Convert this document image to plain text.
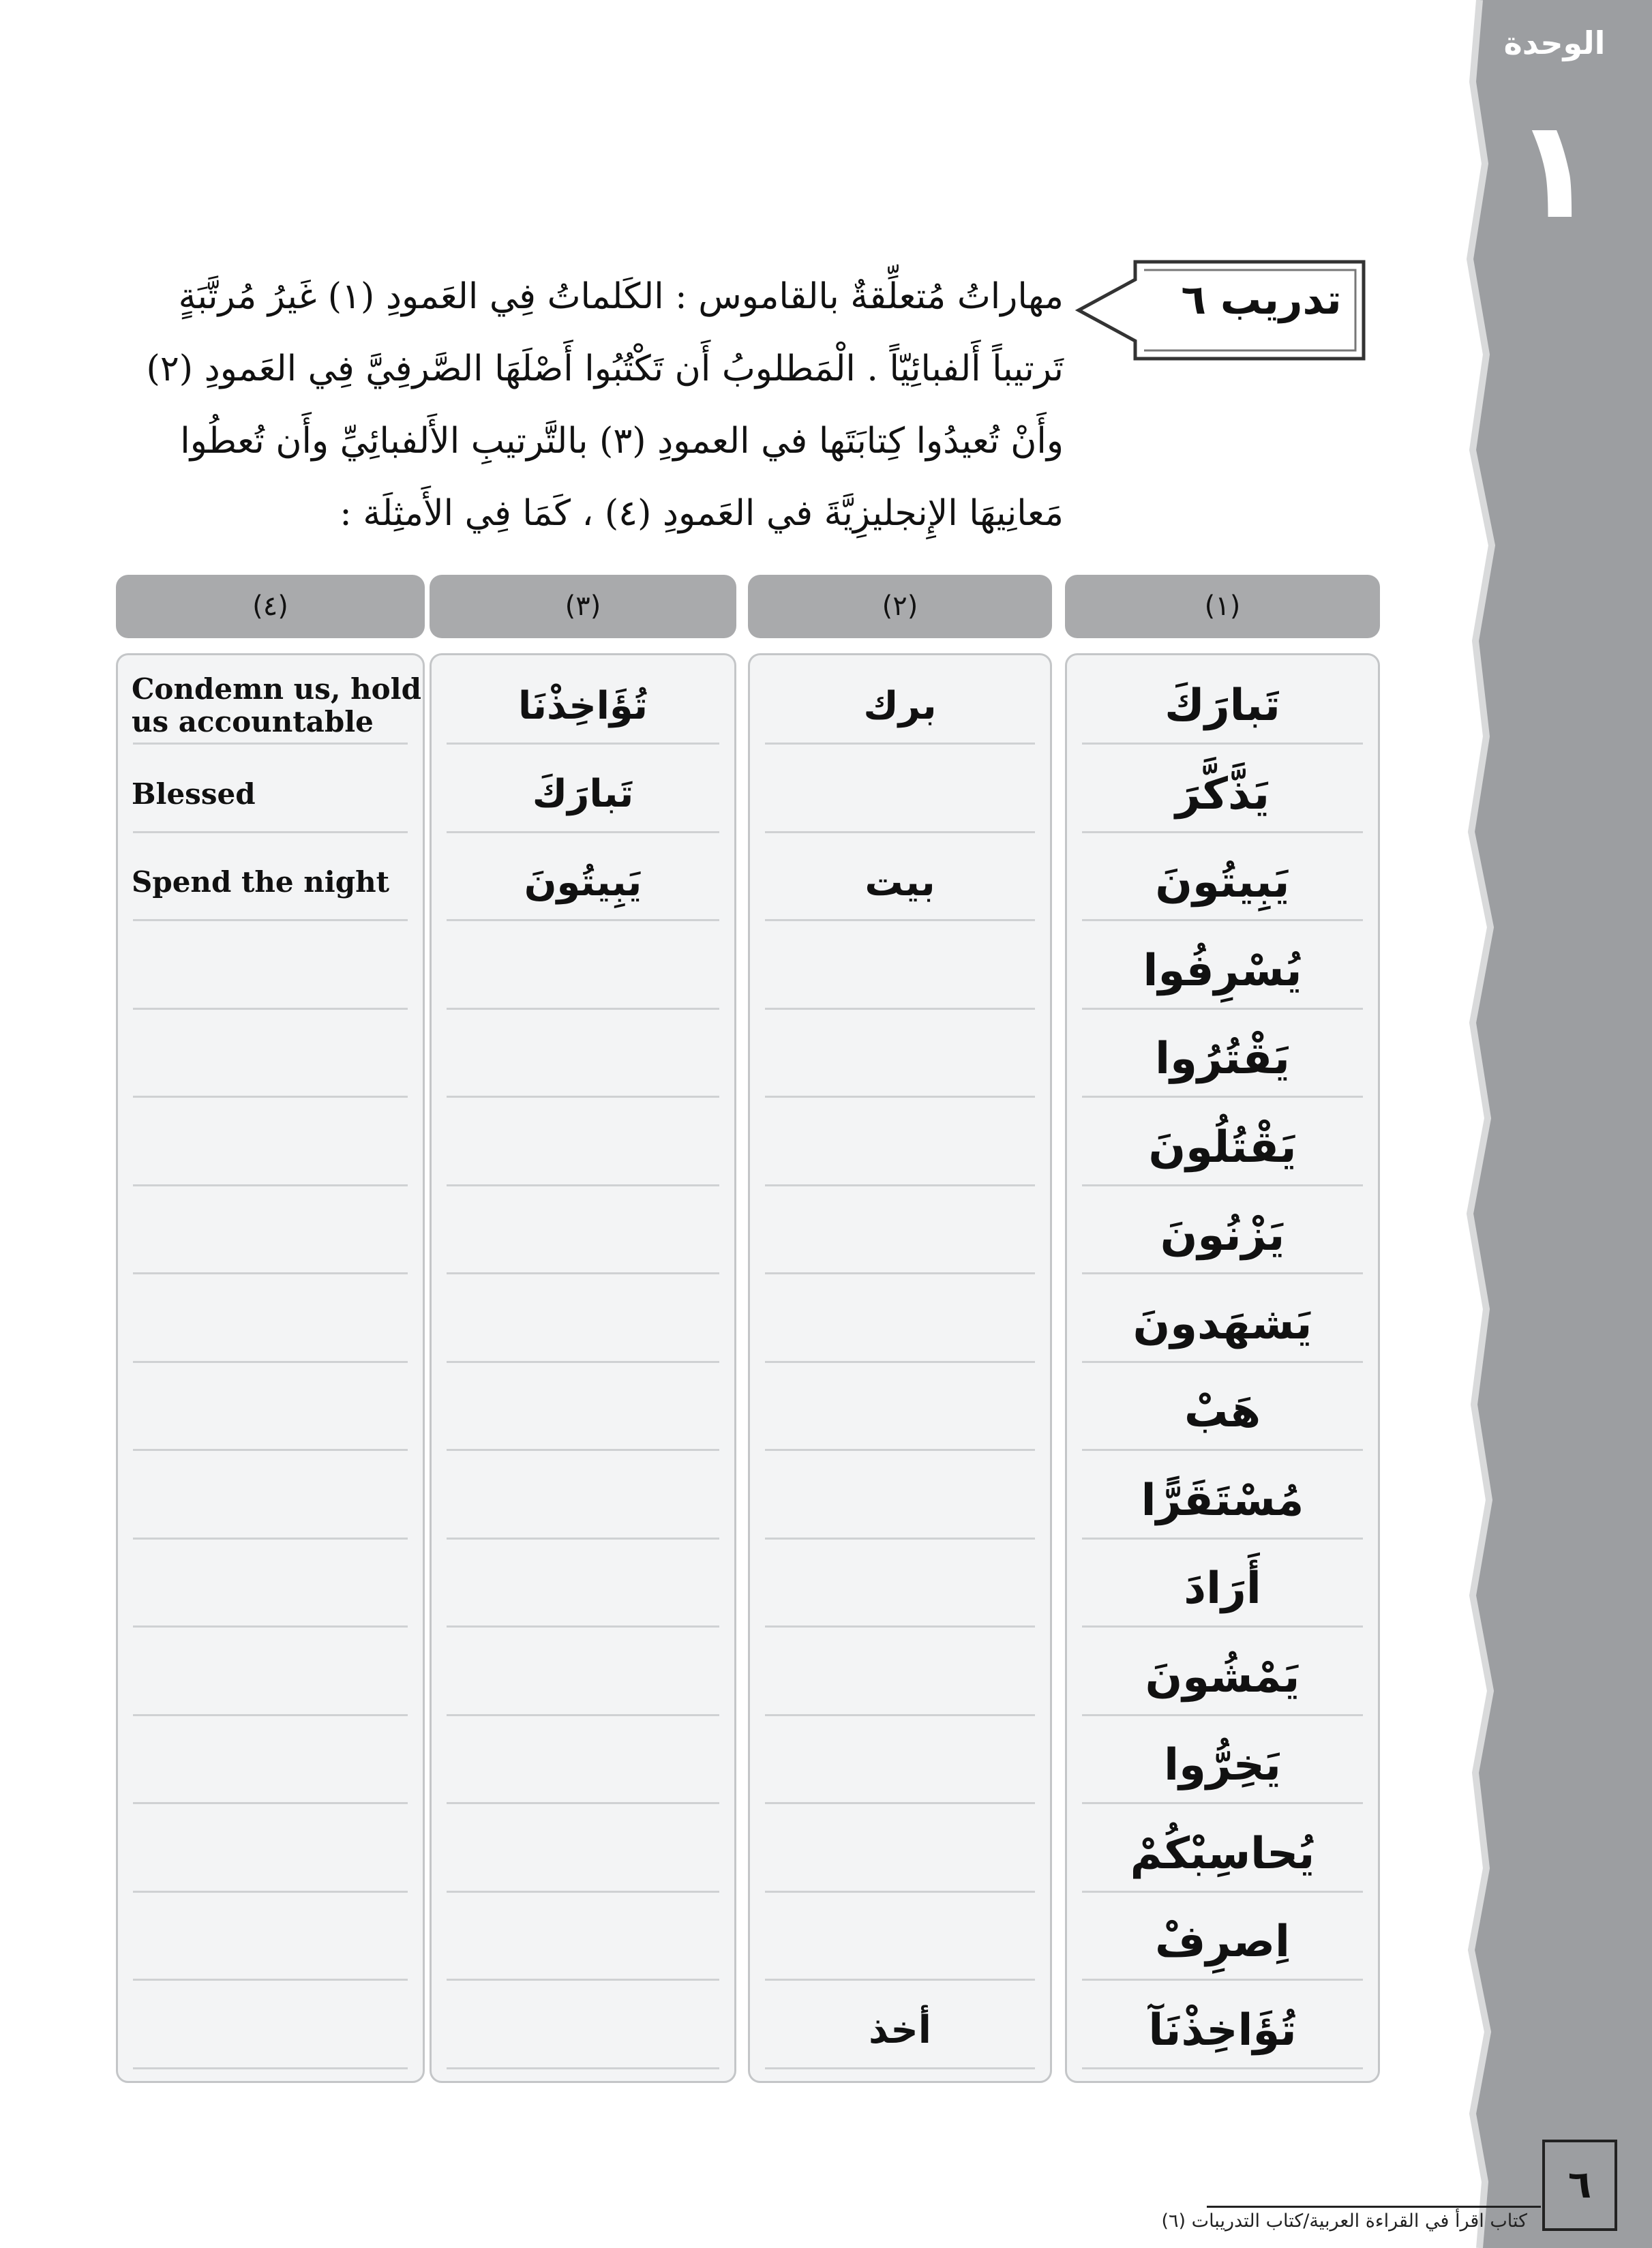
الوحدة
١
تدريب ٦

مهاراتُ مُتعلِّقةٌ بالقاموس : الكَلماتُ فِي العَمودِ (١) غَيرُ مُرتَّبَةٍ

تَرتيباً أَلفبائِيّاً . الْمَطلوبُ أَن تَكْتُبُوا أَصْلَهَا الصَّرفِيَّ فِي العَمودِ (٢)

وأَنْ تُعيدُوا كِتابَتَها في العمودِ (٣) بالتَّرتيبِ الأَلفبائِيِّ وأَن تُعطُوا

مَعانِيهَا الإِنجليزِيَّةَ في العَمودِ (٤) ، كَمَا فِي الأَمثِلَة :

(١)
(٢)
(٣)
(٤)
تَبارَكَ
يَذَّكَّرَ
يَبِيتُونَ
يُسْرِفُوا
يَقْتُرُوا
يَقْتُلُونَ
يَزْنُونَ
يَشهَدونَ
هَبْ
مُسْتَقَرًّا
أَرَادَ
يَمْشُونَ
يَخِرُّوا
يُحاسِبْكُمْ
اِصرِفْ
تُؤَاخِذْنَآ
برك
بيت
أخذ
تُؤَاخِذْنَا
تَبارَكَ
يَبِيتُونَ
Condemn us, hold us accountable
Blessed
Spend the night
كتاب اقرأ في القراءة العربية/كتاب التدريبات (٦)
٦
